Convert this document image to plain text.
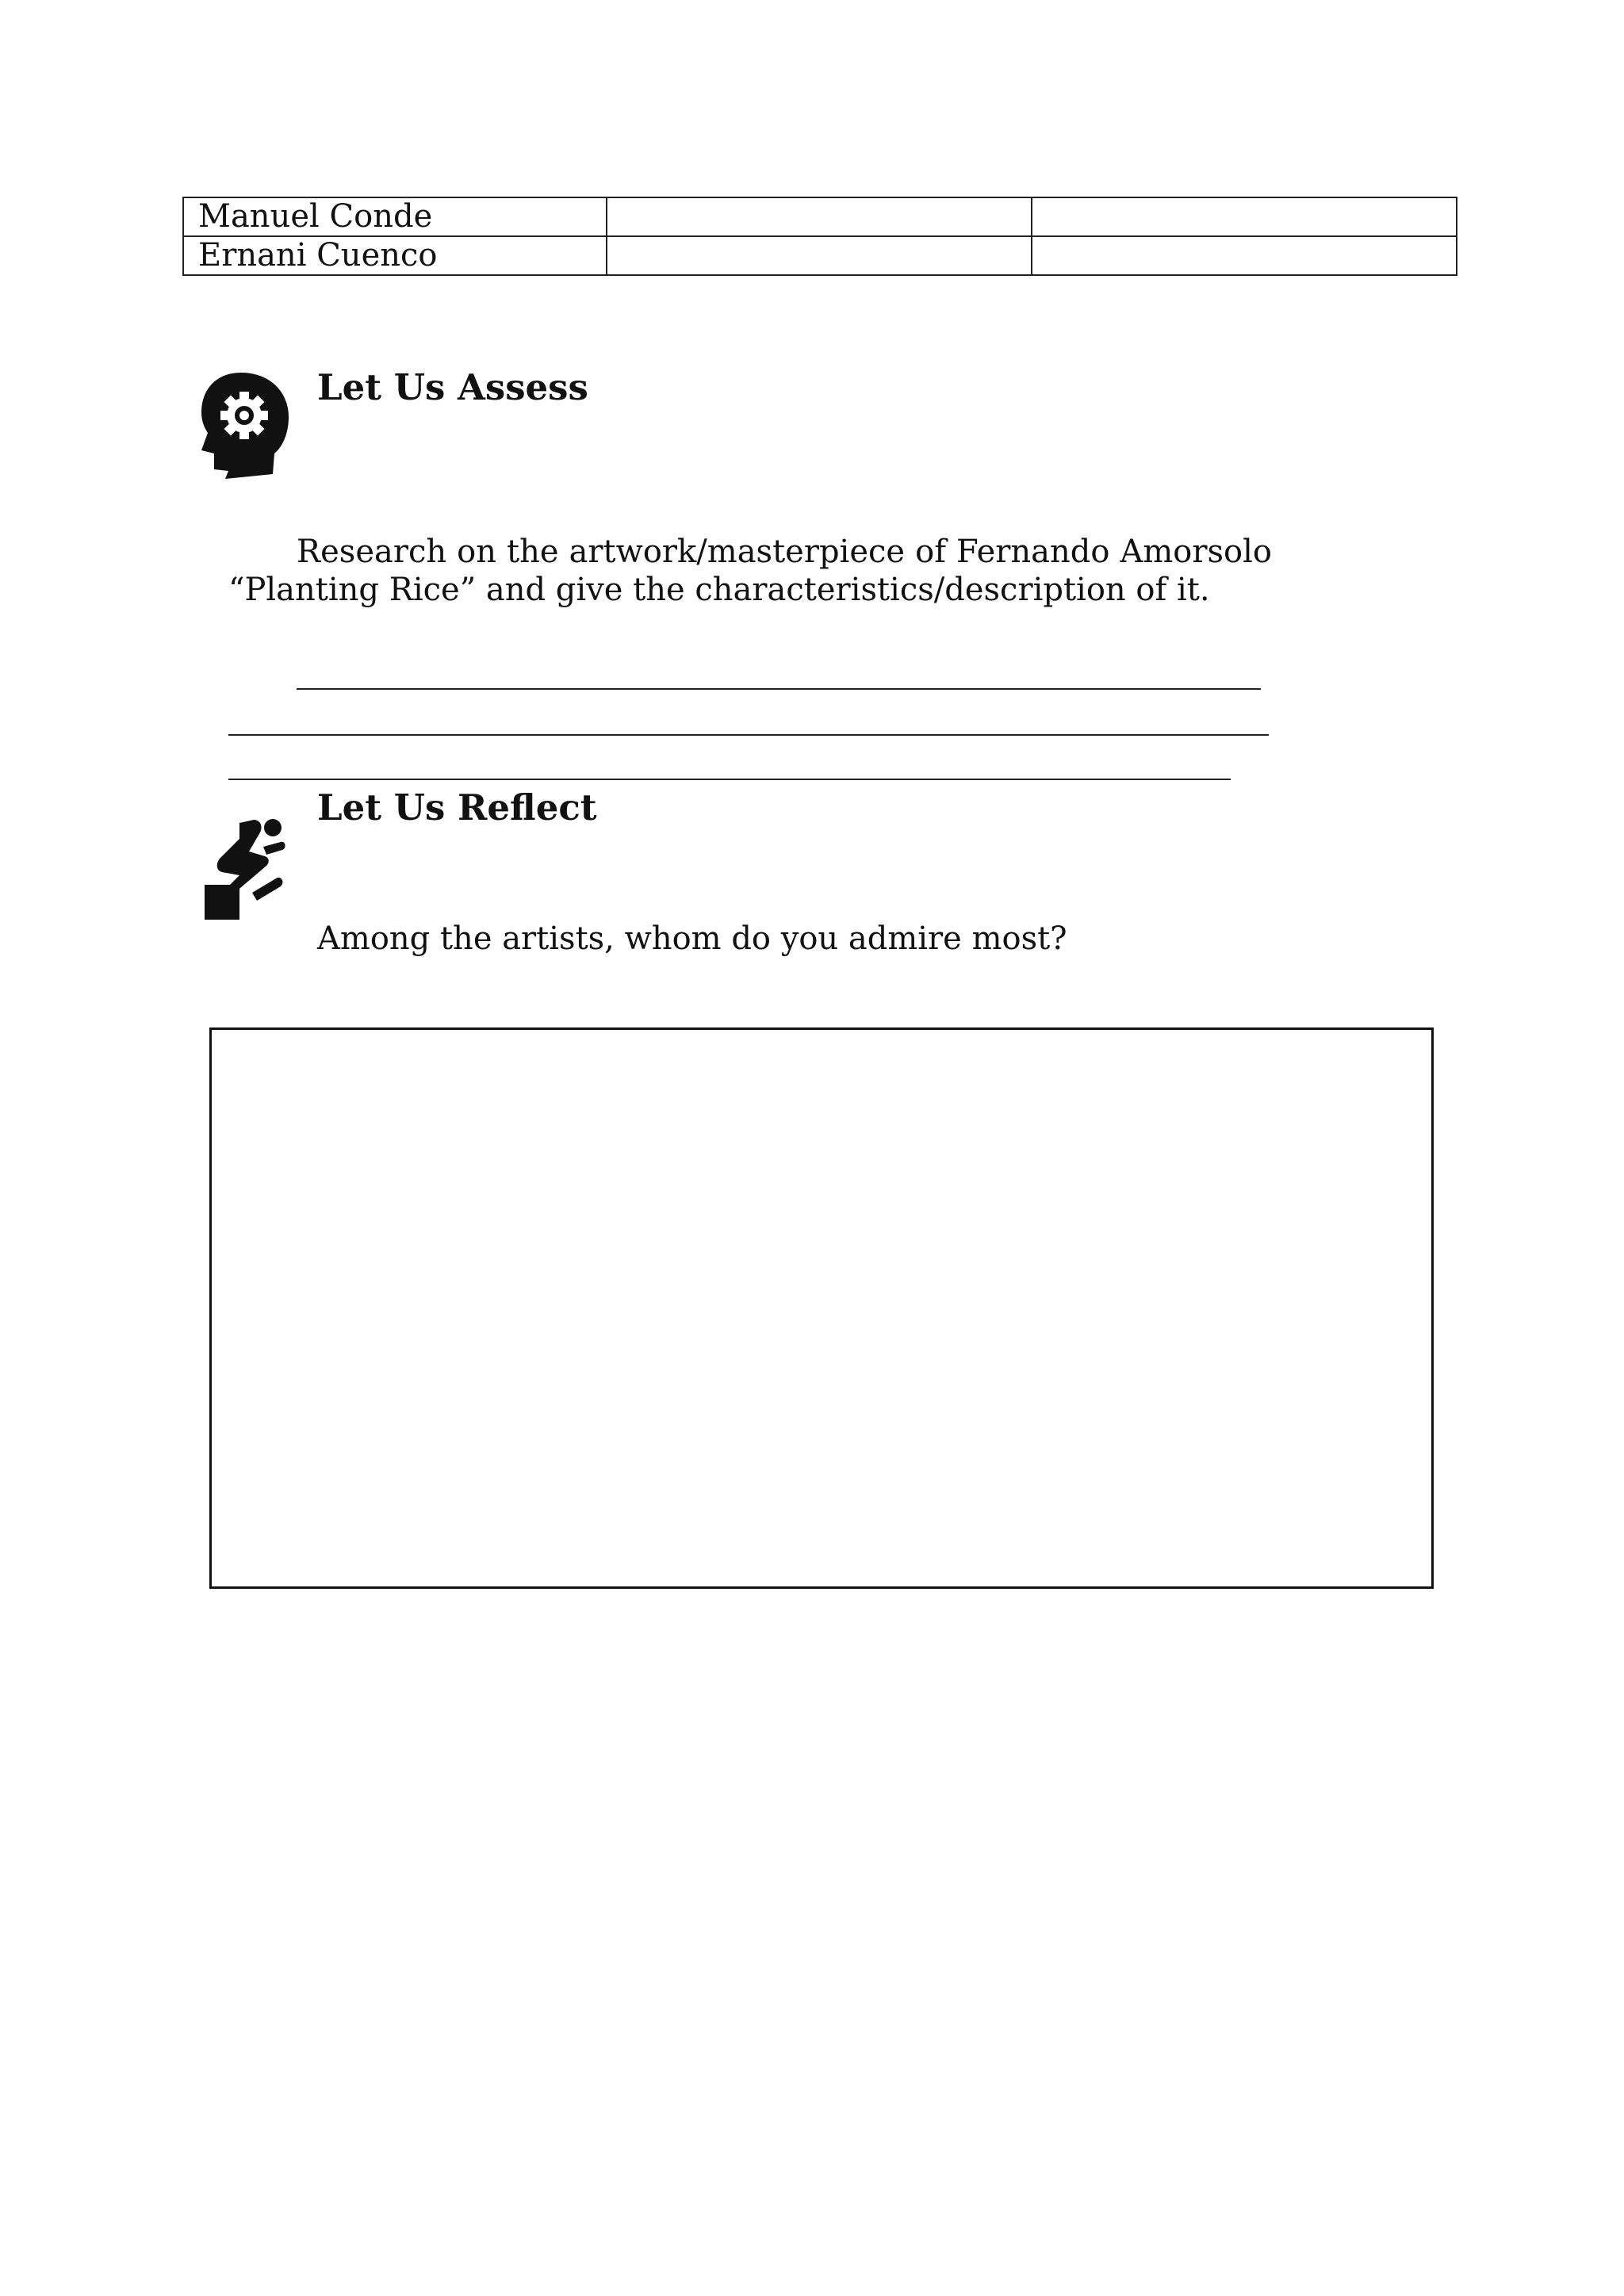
Manuel Conde		
Ernani Cuenco		
Let Us Assess

Research on the artwork/masterpiece of Fernando Amorsolo “Planting Rice” and give the characteristics/description of it.

Let Us Reflect

Among the artists, whom do you admire most?
